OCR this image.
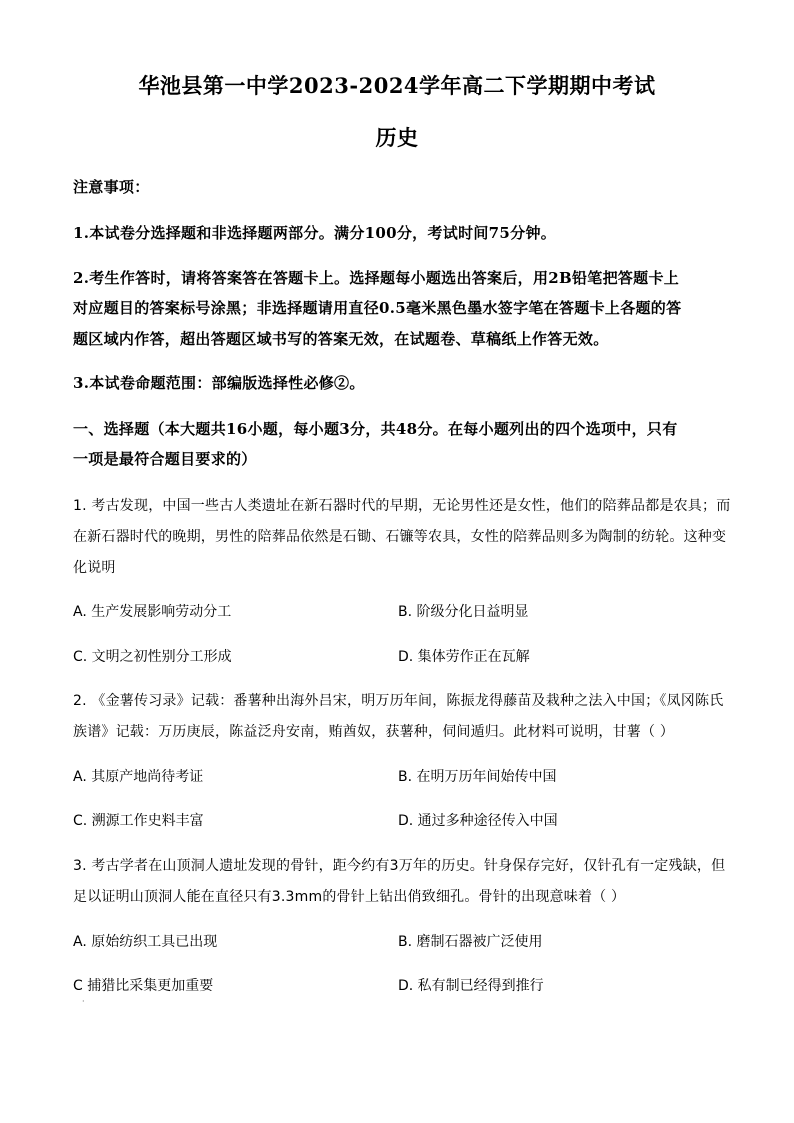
华池县第一中学2023-2024学年高二下学期期中考试
历史
注意事项：
1.本试卷分选择题和非选择题两部分。满分100分，考试时间75分钟。
2.考生作答时，请将答案答在答题卡上。选择题每小题选出答案后，用2B铅笔把答题卡上
对应题目的答案标号涂黑；非选择题请用直径0.5毫米黑色墨水签字笔在答题卡上各题的答
题区域内作答，超出答题区域书写的答案无效，在试题卷、草稿纸上作答无效。
3.本试卷命题范围：部编版选择性必修②。
一、选择题（本大题共16小题，每小题3分，共48分。在每小题列出的四个选项中，只有
一项是最符合题目要求的）
1. 考古发现，中国一些古人类遗址在新石器时代的早期，无论男性还是女性，他们的陪葬品都是农具；而
在新石器时代的晚期，男性的陪葬品依然是石锄、石镰等农具，女性的陪葬品则多为陶制的纺轮。这种变
化说明
A. 生产发展影响劳动分工	B. 阶级分化日益明显
C. 文明之初性别分工形成	D. 集体劳作正在瓦解
2. 《金薯传习录》记载：番薯种出海外吕宋，明万历年间，陈振龙得藤苗及栽种之法入中国；《凤冈陈氏
族谱》记载：万历庚辰，陈益泛舟安南，贿酋奴，获薯种，伺间遁归。此材料可说明，甘薯（ ）
A. 其原产地尚待考证	B. 在明万历年间始传中国
C. 溯源工作史料丰富	D. 通过多种途径传入中国
3. 考古学者在山顶洞人遗址发现的骨针，距今约有3万年的历史。针身保存完好，仅针孔有一定残缺，但
足以证明山顶洞人能在直径只有3.3mm的骨针上钻出俏致细孔。骨针的出现意味着（ ）
A. 原始纺织工具已出现	B. 磨制石器被广泛使用
C 捕猎比采集更加重要	D. 私有制已经得到推行
·
